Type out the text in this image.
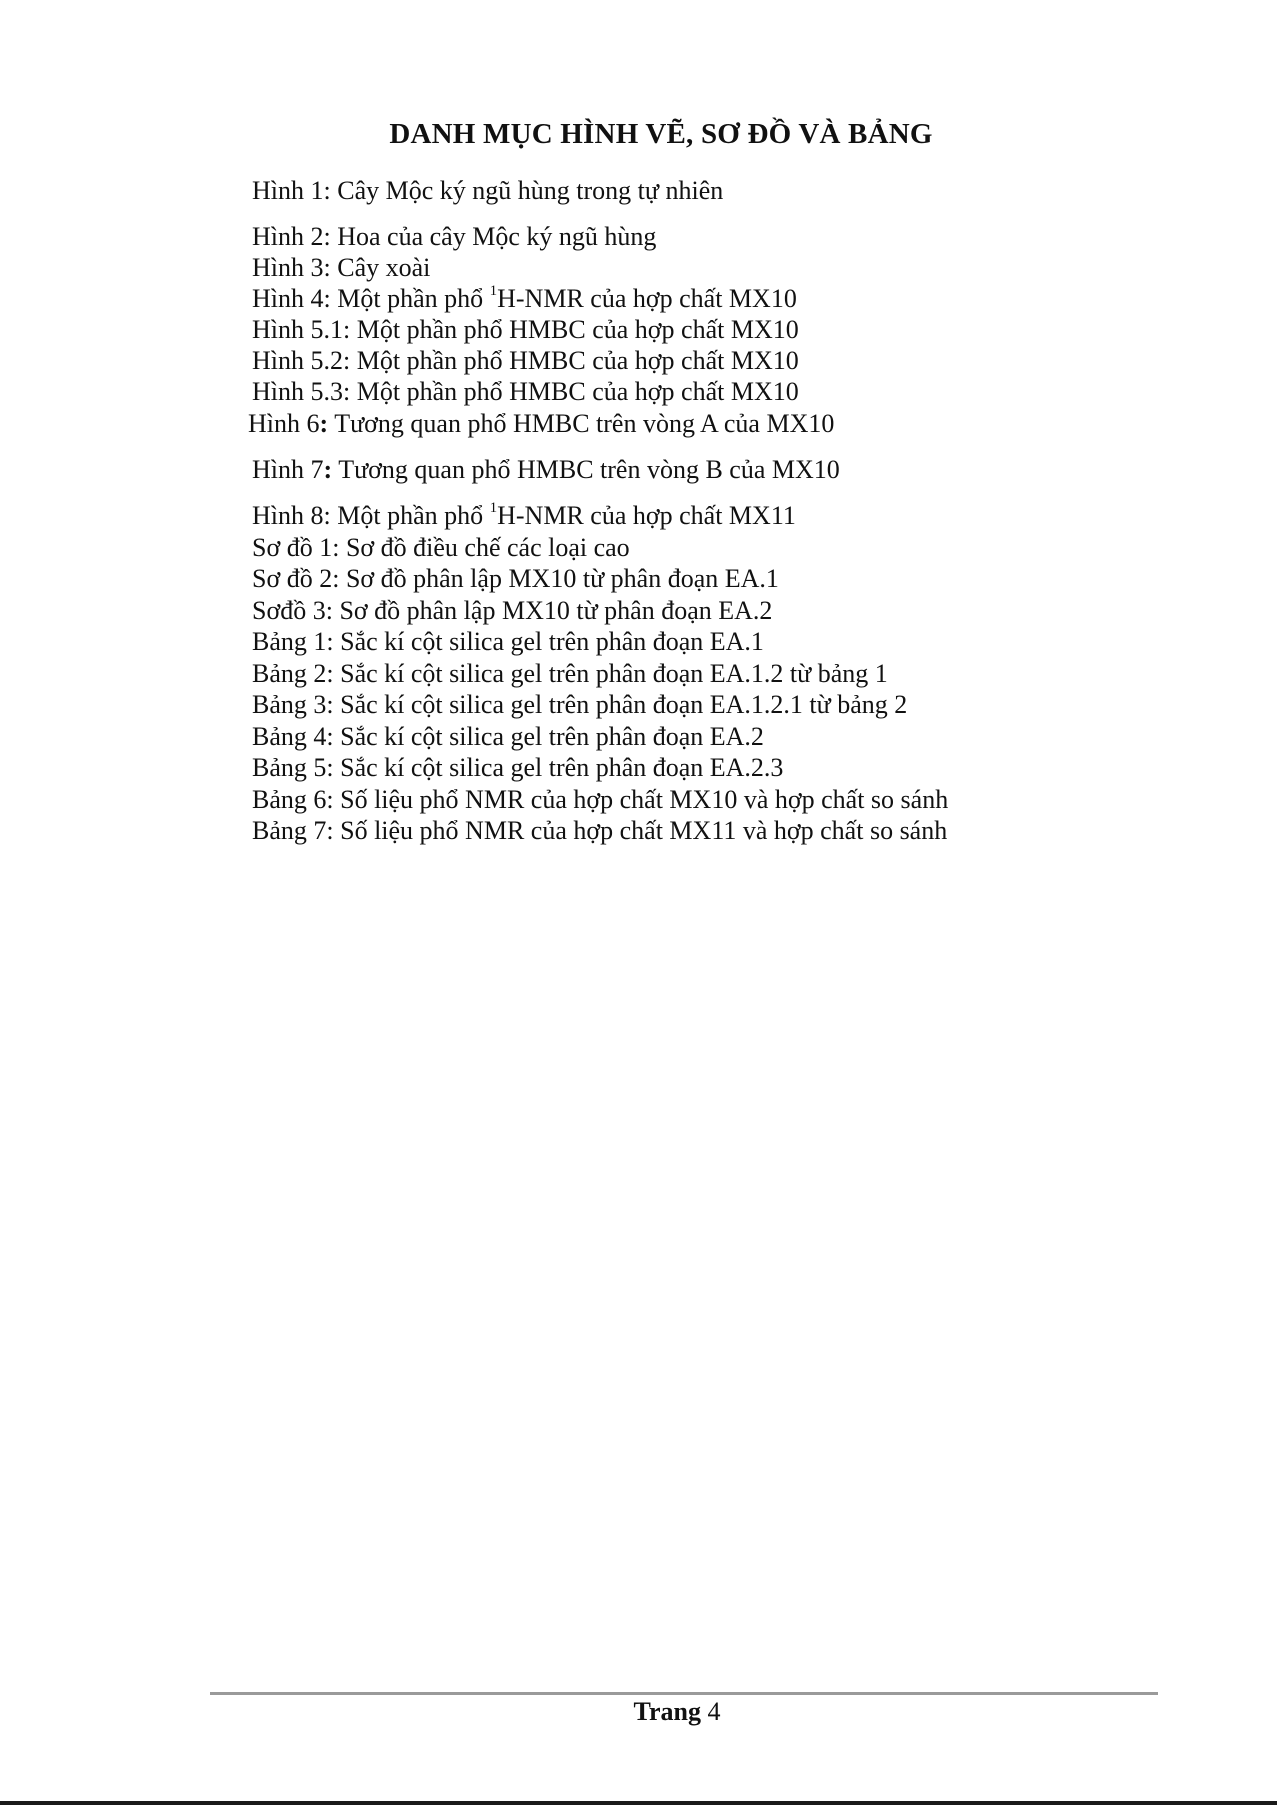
DANH MỤC HÌNH VẼ, SƠ ĐỒ VÀ BẢNG
Hình 1: Cây Mộc ký ngũ hùng trong tự nhiên
Hình 2: Hoa của cây Mộc ký ngũ hùng
Hình 3: Cây xoài
Hình 4: Một phần phổ $^1$H-NMR của hợp chất MX10
Hình 5.1: Một phần phổ HMBC của hợp chất MX10
Hình 5.2: Một phần phổ HMBC của hợp chất MX10
Hình 5.3: Một phần phổ HMBC của hợp chất MX10
Hình 6: Tương quan phổ HMBC trên vòng A của MX10
Hình 7: Tương quan phổ HMBC trên vòng B của MX10
Hình 8: Một phần phổ $^1$H-NMR của hợp chất MX11
Sơ đồ 1: Sơ đồ điều chế các loại cao
Sơ đồ 2: Sơ đồ phân lập MX10 từ phân đoạn EA.1
Sơđồ 3: Sơ đồ phân lập MX10 từ phân đoạn EA.2
Bảng 1: Sắc kí cột silica gel trên phân đoạn EA.1
Bảng 2: Sắc kí cột silica gel trên phân đoạn EA.1.2 từ bảng 1
Bảng 3: Sắc kí cột silica gel trên phân đoạn EA.1.2.1 từ bảng 2
Bảng 4: Sắc kí cột silica gel trên phân đoạn EA.2
Bảng 5: Sắc kí cột silica gel trên phân đoạn EA.2.3
Bảng 6: Số liệu phổ NMR của hợp chất MX10 và hợp chất so sánh
Bảng 7: Số liệu phổ NMR của hợp chất MX11 và hợp chất so sánh
Trang 4
